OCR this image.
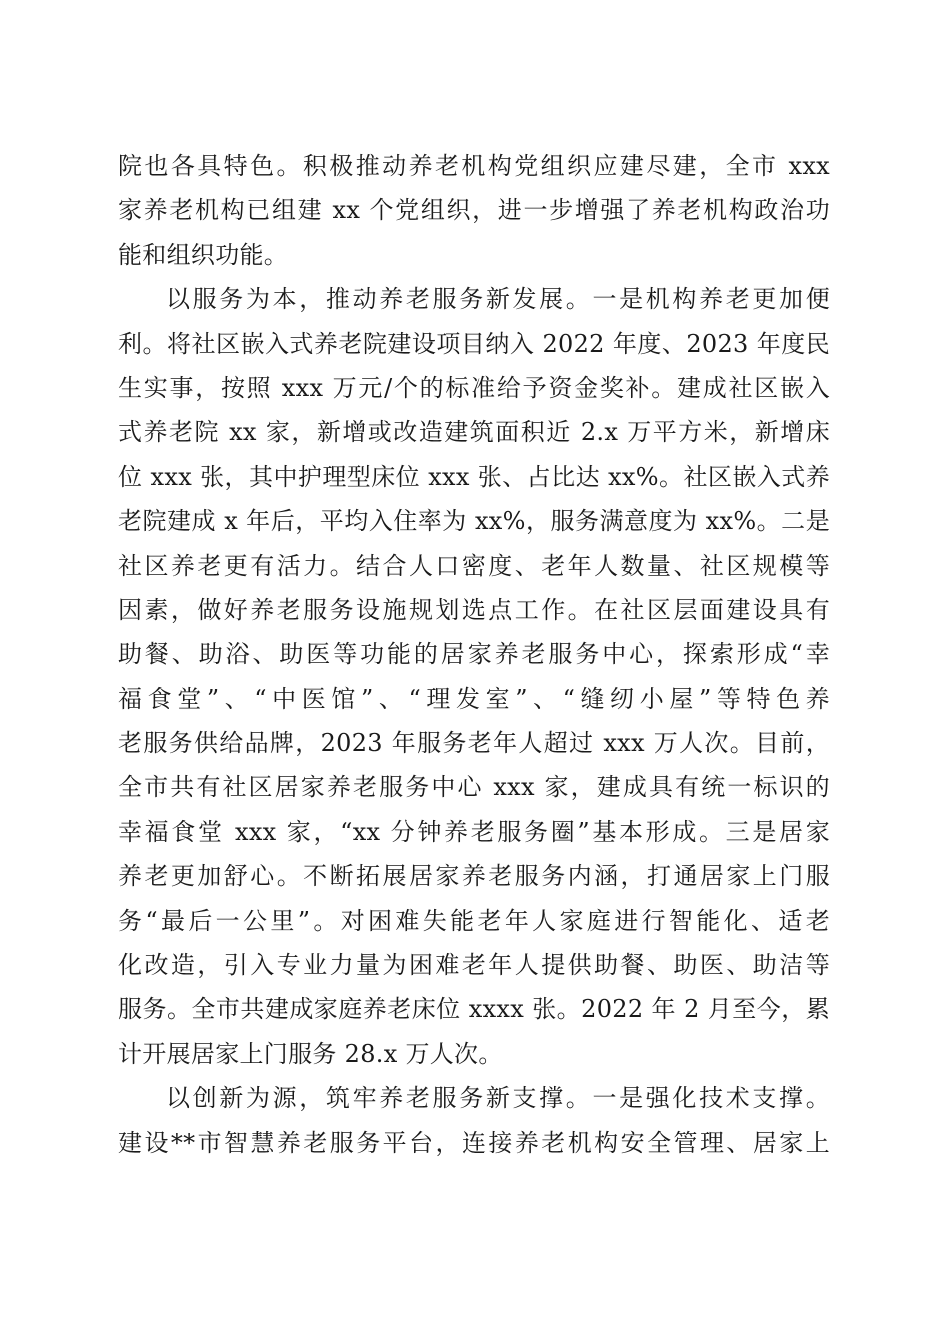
院也各具特色。积极推动养老机构党组织应建尽建，全市 xxx
家养老机构已组建 xx 个党组织，进一步增强了养老机构政治功
能和组织功能。
以服务为本，推动养老服务新发展。一是机构养老更加便
利。将社区嵌入式养老院建设项目纳入 2022 年度、2023 年度民
生实事，按照 xxx 万元/个的标准给予资金奖补。建成社区嵌入
式养老院 xx 家，新增或改造建筑面积近 2.x 万平方米，新增床
位 xxx 张，其中护理型床位 xxx 张、占比达 xx%。社区嵌入式养
老院建成 x 年后，平均入住率为 xx%，服务满意度为 xx%。二是
社区养老更有活力。结合人口密度、老年人数量、社区规模等
因素，做好养老服务设施规划选点工作。在社区层面建设具有
助餐、助浴、助医等功能的居家养老服务中心，探索形成“幸
福食堂”、“中医馆”、“理发室”、“缝纫小屋”等特色养
老服务供给品牌，2023 年服务老年人超过 xxx 万人次。目前，
全市共有社区居家养老服务中心 xxx 家，建成具有统一标识的
幸福食堂 xxx 家，“xx 分钟养老服务圈”基本形成。三是居家
养老更加舒心。不断拓展居家养老服务内涵，打通居家上门服
务“最后一公里”。对困难失能老年人家庭进行智能化、适老
化改造，引入专业力量为困难老年人提供助餐、助医、助洁等
服务。全市共建成家庭养老床位 xxxx 张。2022 年 2 月至今，累
计开展居家上门服务 28.x 万人次。
以创新为源，筑牢养老服务新支撑。一是强化技术支撑。
建设**市智慧养老服务平台，连接养老机构安全管理、居家上
